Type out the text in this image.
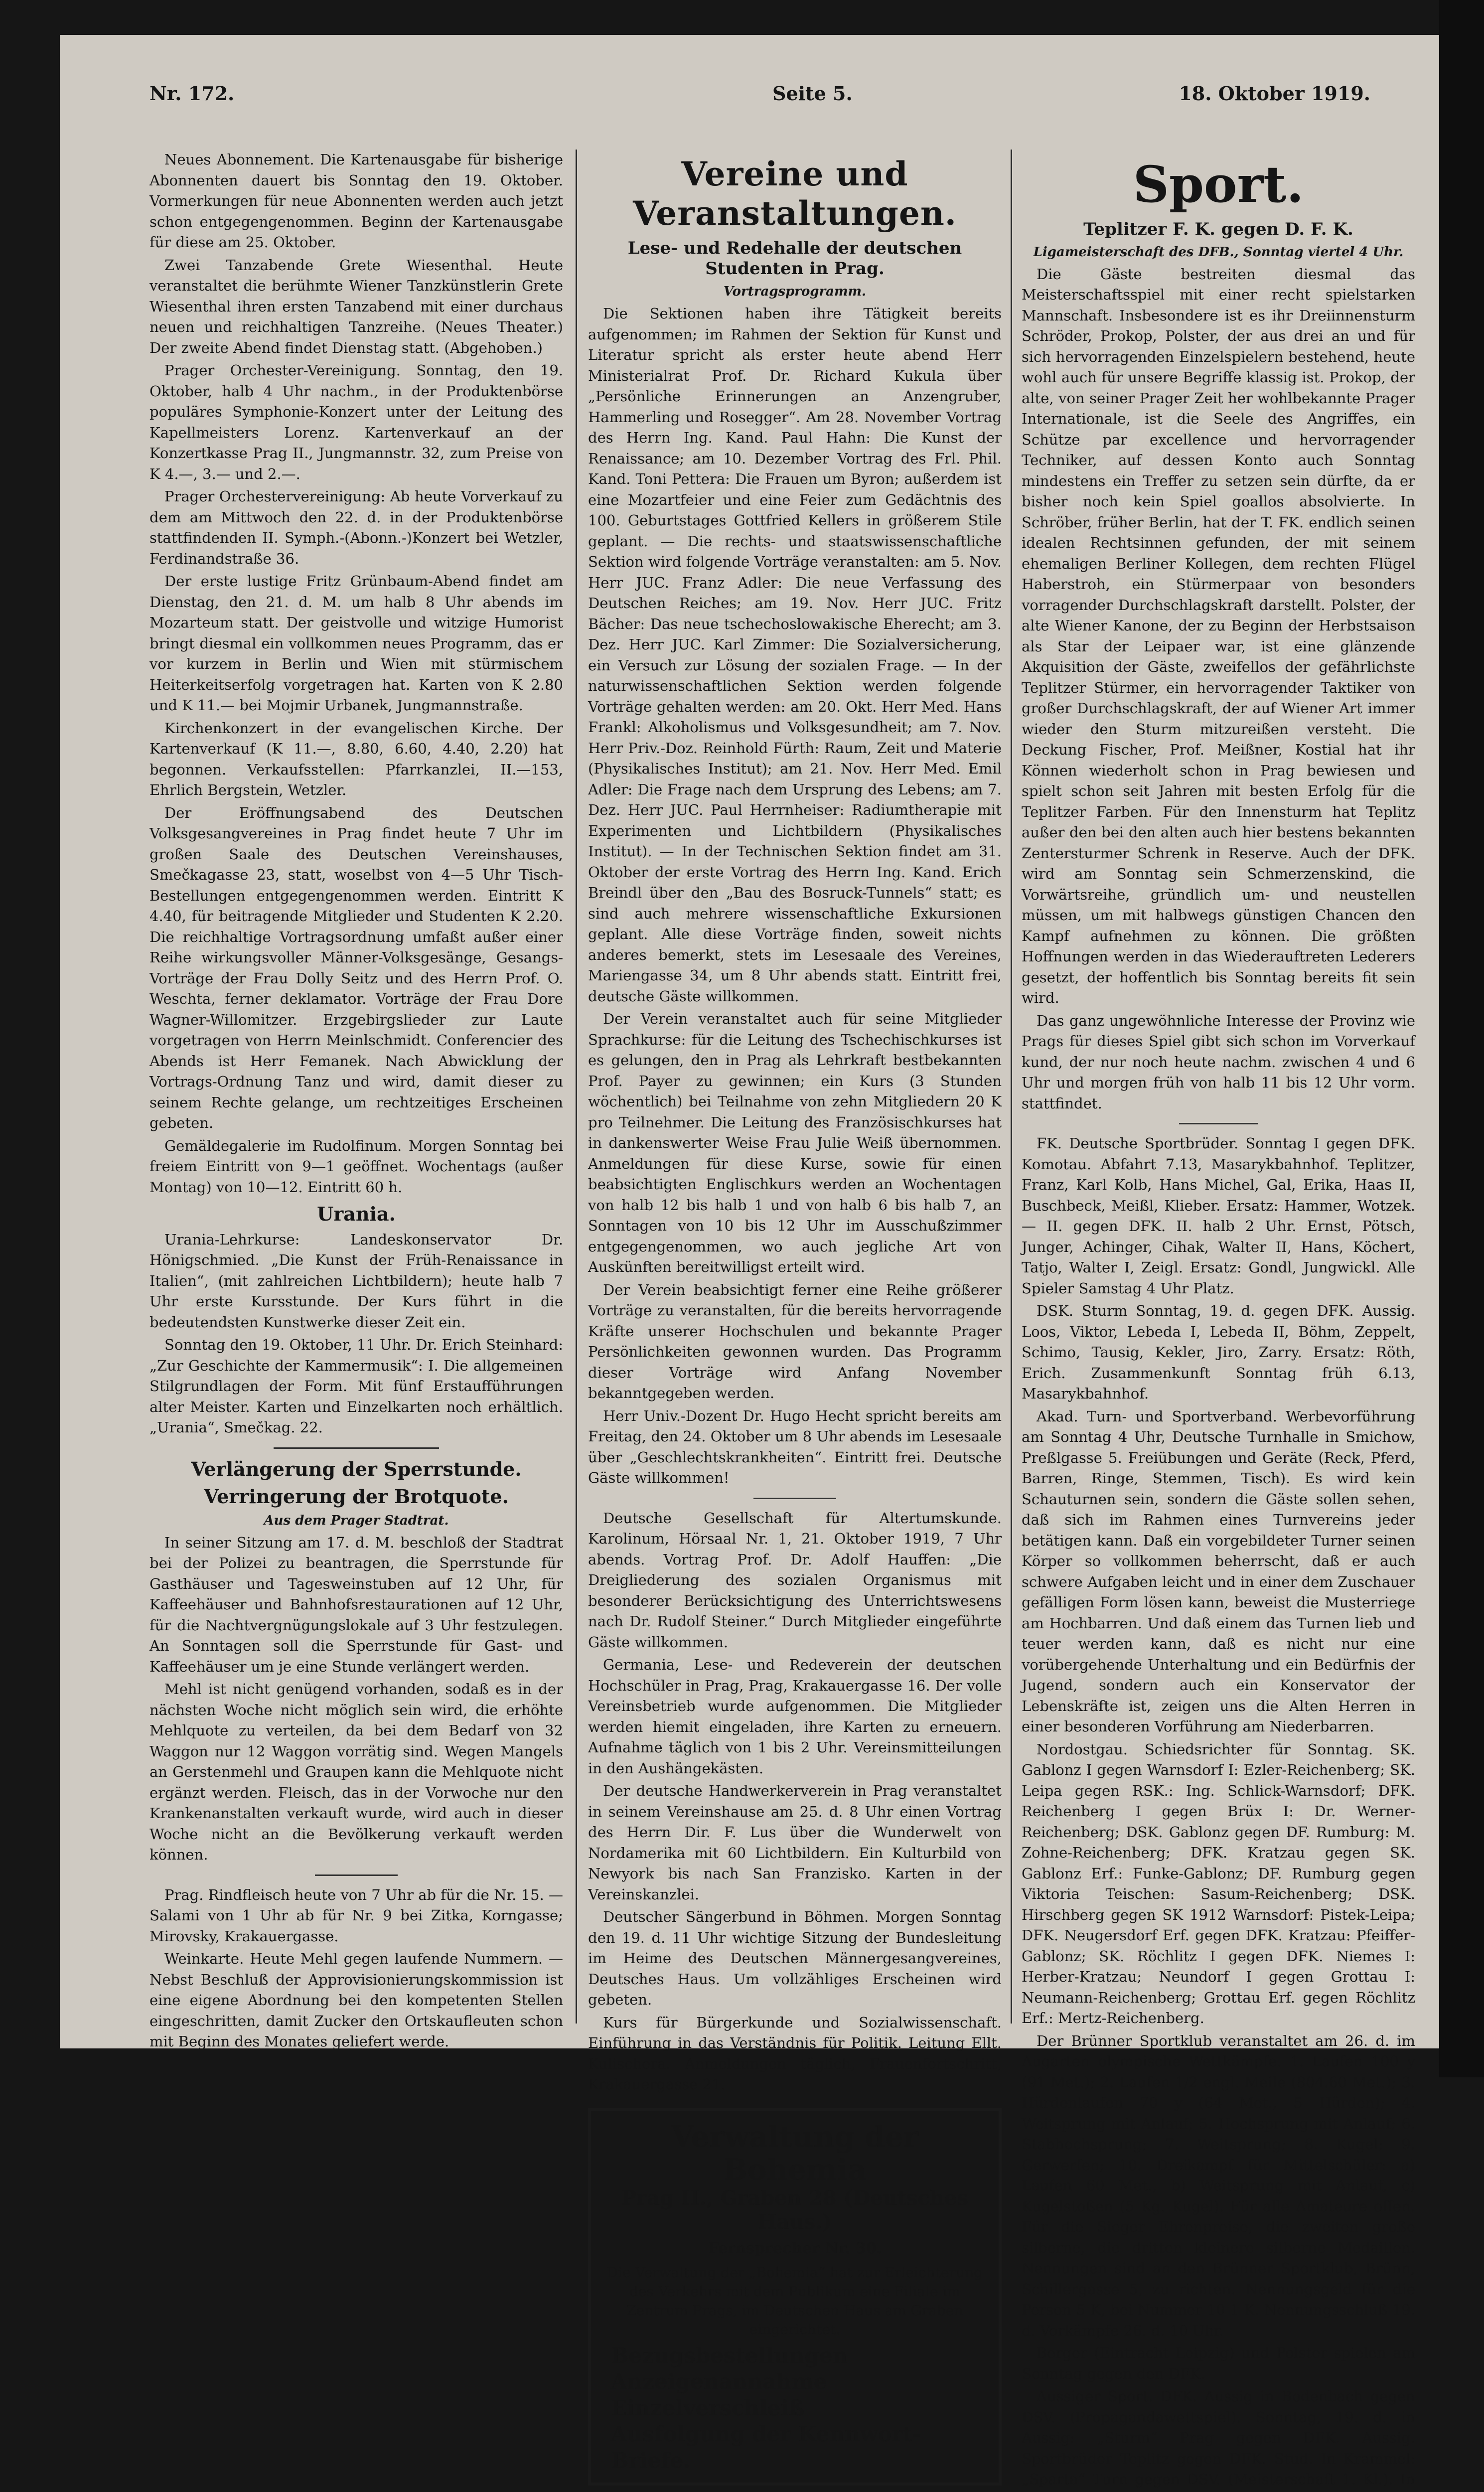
Nr. 172.	Seite 5.	18. Oktober 1919.

Neues Abonnement. Die Kartenausgabe für bisherige Abonnenten dauert bis Sonntag den 19. Oktober. Vormerkungen für neue Abonnenten werden auch jetzt schon entgegengenommen. Beginn der Kartenausgabe für diese am 25. Oktober.

Zwei Tanzabende Grete Wiesenthal. Heute veranstaltet die berühmte Wiener Tanzkünstlerin Grete Wiesenthal ihren ersten Tanzabend mit einer durchaus neuen und reichhaltigen Tanzreihe. (Neues Theater.) Der zweite Abend findet Dienstag statt. (Abgehoben.)

Prager Orchester-Vereinigung. Sonntag, den 19. Oktober, halb 4 Uhr nachm., in der Produktenbörse populäres Symphonie-Konzert unter der Leitung des Kapellmeisters Lorenz. Kartenverkauf an der Konzertkasse Prag II., Jungmannstr. 32, zum Preise von K 4.—, 3.— und 2.—.

Prager Orchestervereinigung: Ab heute Vorverkauf zu dem am Mittwoch den 22. d. in der Produktenbörse stattfindenden II. Symph.-(Abonn.-)Konzert bei Wetzler, Ferdinandstraße 36.

Der erste lustige Fritz Grünbaum-Abend findet am Dienstag, den 21. d. M. um halb 8 Uhr abends im Mozarteum statt. Der geistvolle und witzige Humorist bringt diesmal ein vollkommen neues Programm, das er vor kurzem in Berlin und Wien mit stürmischem Heiterkeitserfolg vorgetragen hat. Karten von K 2.80 und K 11.— bei Mojmir Urbanek, Jungmannstraße.

Kirchenkonzert in der evangelischen Kirche. Der Kartenverkauf (K 11.—, 8.80, 6.60, 4.40, 2.20) hat begonnen. Verkaufsstellen: Pfarrkanzlei, II.—153, Ehrlich Bergstein, Wetzler.

Der Eröffnungsabend des Deutschen Volksgesangvereines in Prag findet heute 7 Uhr im großen Saale des Deutschen Vereinshauses, Smečkagasse 23, statt, woselbst von 4—5 Uhr Tisch-Bestellungen entgegengenommen werden. Eintritt K 4.40, für beitragende Mitglieder und Studenten K 2.20. Die reichhaltige Vortragsordnung umfaßt außer einer Reihe wirkungsvoller Männer-Volksgesänge, Gesangs-Vorträge der Frau Dolly Seitz und des Herrn Prof. O. Weschta, ferner deklamator. Vorträge der Frau Dore Wagner-Willomitzer. Erzgebirgslieder zur Laute vorgetragen von Herrn Meinlschmidt. Conferencier des Abends ist Herr Femanek. Nach Abwicklung der Vortrags-Ordnung Tanz und wird, damit dieser zu seinem Rechte gelange, um rechtzeitiges Erscheinen gebeten.

Gemäldegalerie im Rudolfinum. Morgen Sonntag bei freiem Eintritt von 9—1 geöffnet. Wochentags (außer Montag) von 10—12. Eintritt 60 h.

Urania.

Urania-Lehrkurse: Landeskonservator Dr. Hönigschmied. „Die Kunst der Früh-Renaissance in Italien“, (mit zahlreichen Lichtbildern); heute halb 7 Uhr erste Kursstunde. Der Kurs führt in die bedeutendsten Kunstwerke dieser Zeit ein.

Sonntag den 19. Oktober, 11 Uhr. Dr. Erich Steinhard: „Zur Geschichte der Kammermusik“: I. Die allgemeinen Stilgrundlagen der Form. Mit fünf Erstaufführungen alter Meister. Karten und Einzelkarten noch erhältlich. „Urania“, Smečkag. 22.

Verlängerung der Sperrstunde.
Verringerung der Brotquote.
Aus dem Prager Stadtrat.

In seiner Sitzung am 17. d. M. beschloß der Stadtrat bei der Polizei zu beantragen, die Sperrstunde für Gasthäuser und Tagesweinstuben auf 12 Uhr, für Kaffeehäuser und Bahnhofsrestaurationen auf 12 Uhr, für die Nachtvergnügungslokale auf 3 Uhr festzulegen. An Sonntagen soll die Sperrstunde für Gast- und Kaffeehäuser um je eine Stunde verlängert werden.

Mehl ist nicht genügend vorhanden, sodaß es in der nächsten Woche nicht möglich sein wird, die erhöhte Mehlquote zu verteilen, da bei dem Bedarf von 32 Waggon nur 12 Waggon vorrätig sind. Wegen Mangels an Gerstenmehl und Graupen kann die Mehlquote nicht ergänzt werden. Fleisch, das in der Vorwoche nur den Krankenanstalten verkauft wurde, wird auch in dieser Woche nicht an die Bevölkerung verkauft werden können.

Prag. Rindfleisch heute von 7 Uhr ab für die Nr. 15. — Salami von 1 Uhr ab für Nr. 9 bei Zitka, Korngasse; Mirovsky, Krakauergasse.

Weinkarte. Heute Mehl gegen laufende Nummern. — Nebst Beschluß der Approvisionierungskommission ist eine eigene Abordnung bei den kompetenten Stellen eingeschritten, damit Zucker den Ortskaufleuten schon mit Beginn des Monates geliefert werde.

Vereine und Veranstaltungen.
Lese- und Redehalle der deutschen Studenten in Prag.
Vortragsprogramm.

Die Sektionen haben ihre Tätigkeit bereits aufgenommen; im Rahmen der Sektion für Kunst und Literatur spricht als erster heute abend Herr Ministerialrat Prof. Dr. Richard Kukula über „Persönliche Erinnerungen an Anzengruber, Hammerling und Rosegger“. Am 28. November Vortrag des Herrn Ing. Kand. Paul Hahn: Die Kunst der Renaissance; am 10. Dezember Vortrag des Frl. Phil. Kand. Toni Pettera: Die Frauen um Byron; außerdem ist eine Mozartfeier und eine Feier zum Gedächtnis des 100. Geburtstages Gottfried Kellers in größerem Stile geplant. — Die rechts- und staatswissenschaftliche Sektion wird folgende Vorträge veranstalten: am 5. Nov. Herr JUC. Franz Adler: Die neue Verfassung des Deutschen Reiches; am 19. Nov. Herr JUC. Fritz Bächer: Das neue tschechoslowakische Eherecht; am 3. Dez. Herr JUC. Karl Zimmer: Die Sozialversicherung, ein Versuch zur Lösung der sozialen Frage. — In der naturwissenschaftlichen Sektion werden folgende Vorträge gehalten werden: am 20. Okt. Herr Med. Hans Frankl: Alkoholismus und Volksgesundheit; am 7. Nov. Herr Priv.-Doz. Reinhold Fürth: Raum, Zeit und Materie (Physikalisches Institut); am 21. Nov. Herr Med. Emil Adler: Die Frage nach dem Ursprung des Lebens; am 7. Dez. Herr JUC. Paul Herrnheiser: Radiumtherapie mit Experimenten und Lichtbildern (Physikalisches Institut). — In der Technischen Sektion findet am 31. Oktober der erste Vortrag des Herrn Ing. Kand. Erich Breindl über den „Bau des Bosruck-Tunnels“ statt; es sind auch mehrere wissenschaftliche Exkursionen geplant. Alle diese Vorträge finden, soweit nichts anderes bemerkt, stets im Lesesaale des Vereines, Mariengasse 34, um 8 Uhr abends statt. Eintritt frei, deutsche Gäste willkommen.

Der Verein veranstaltet auch für seine Mitglieder Sprachkurse: für die Leitung des Tschechischkurses ist es gelungen, den in Prag als Lehrkraft bestbekannten Prof. Payer zu gewinnen; ein Kurs (3 Stunden wöchentlich) bei Teilnahme von zehn Mitgliedern 20 K pro Teilnehmer. Die Leitung des Französischkurses hat in dankenswerter Weise Frau Julie Weiß übernommen. Anmeldungen für diese Kurse, sowie für einen beabsichtigten Englischkurs werden an Wochentagen von halb 12 bis halb 1 und von halb 6 bis halb 7, an Sonntagen von 10 bis 12 Uhr im Ausschußzimmer entgegengenommen, wo auch jegliche Art von Auskünften bereitwilligst erteilt wird.

Der Verein beabsichtigt ferner eine Reihe größerer Vorträge zu veranstalten, für die bereits hervorragende Kräfte unserer Hochschulen und bekannte Prager Persönlichkeiten gewonnen wurden. Das Programm dieser Vorträge wird Anfang November bekanntgegeben werden.

Herr Univ.-Dozent Dr. Hugo Hecht spricht bereits am Freitag, den 24. Oktober um 8 Uhr abends im Lesesaale über „Geschlechtskrankheiten“. Eintritt frei. Deutsche Gäste willkommen!

Deutsche Gesellschaft für Altertumskunde. Karolinum, Hörsaal Nr. 1, 21. Oktober 1919, 7 Uhr abends. Vortrag Prof. Dr. Adolf Hauffen: „Die Dreigliederung des sozialen Organismus mit besonderer Berücksichtigung des Unterrichtswesens nach Dr. Rudolf Steiner.“ Durch Mitglieder eingeführte Gäste willkommen.

Germania, Lese- und Redeverein der deutschen Hochschüler in Prag, Prag, Krakauergasse 16. Der volle Vereinsbetrieb wurde aufgenommen. Die Mitglieder werden hiemit eingeladen, ihre Karten zu erneuern. Aufnahme täglich von 1 bis 2 Uhr. Vereinsmitteilungen in den Aushängekästen.

Der deutsche Handwerkerverein in Prag veranstaltet in seinem Vereinshause am 25. d. 8 Uhr einen Vortrag des Herrn Dir. F. Lus über die Wunderwelt von Nordamerika mit 60 Lichtbildern. Ein Kulturbild von Newyork bis nach San Franzisko. Karten in der Vereinskanzlei.

Deutscher Sängerbund in Böhmen. Morgen Sonntag den 19. d. 11 Uhr wichtige Sitzung der Bundesleitung im Heime des Deutschen Männergesangvereines, Deutsches Haus. Um vollzähliges Erscheinen wird gebeten.

Kurs für Bürgerkunde und Sozialwissenschaft. Einführung in das Verständnis für Politik. Leitung Ellt. Kulischera. Anmeldungen täglich, Frauenfortschritt, Krakauergasse 21.

Verwaltung der Bohemia
Prag II., Graben 28 (Deutsches Haus.)
Fernsprecher Nr. 30.
Die Verwaltung der „Bohemia“ hat zur Erleichterung des Verkehrs mit dem Publikum eine Filiale im Zentrum Prags, im Deutschen Haus am Graben eingerichtet.
Bezugsbestellungen
Anzeigenannahme
Einzelverschleiß
Ausfolgung der Kennwort-Briefe.
Sport.
Teplitzer F. K. gegen D. F. K.
Ligameisterschaft des DFB., Sonntag viertel 4 Uhr.

Die Gäste bestreiten diesmal das Meisterschaftsspiel mit einer recht spielstarken Mannschaft. Insbesondere ist es ihr Dreiinnensturm Schröder, Prokop, Polster, der aus drei an und für sich hervorragenden Einzelspielern bestehend, heute wohl auch für unsere Begriffe klassig ist. Prokop, der alte, von seiner Prager Zeit her wohlbekannte Prager Internationale, ist die Seele des Angriffes, ein Schütze par excellence und hervorragender Techniker, auf dessen Konto auch Sonntag mindestens ein Treffer zu setzen sein dürfte, da er bisher noch kein Spiel goallos absolvierte. In Schröber, früher Berlin, hat der T. FK. endlich seinen idealen Rechtsinnen gefunden, der mit seinem ehemaligen Berliner Kollegen, dem rechten Flügel Haberstroh, ein Stürmerpaar von besonders vorragender Durchschlagskraft darstellt. Polster, der alte Wiener Kanone, der zu Beginn der Herbstsaison als Star der Leipaer war, ist eine glänzende Akquisition der Gäste, zweifellos der gefährlichste Teplitzer Stürmer, ein hervorragender Taktiker von großer Durchschlagskraft, der auf Wiener Art immer wieder den Sturm mitzureißen versteht. Die Deckung Fischer, Prof. Meißner, Kostial hat ihr Können wiederholt schon in Prag bewiesen und spielt schon seit Jahren mit besten Erfolg für die Teplitzer Farben. Für den Innensturm hat Teplitz außer den bei den alten auch hier bestens bekannten Zentersturmer Schrenk in Reserve. Auch der DFK. wird am Sonntag sein Schmerzenskind, die Vorwärtsreihe, gründlich um- und neustellen müssen, um mit halbwegs günstigen Chancen den Kampf aufnehmen zu können. Die größten Hoffnungen werden in das Wiederauftreten Lederers gesetzt, der hoffentlich bis Sonntag bereits fit sein wird.

Das ganz ungewöhnliche Interesse der Provinz wie Prags für dieses Spiel gibt sich schon im Vorverkauf kund, der nur noch heute nachm. zwischen 4 und 6 Uhr und morgen früh von halb 11 bis 12 Uhr vorm. stattfindet.

FK. Deutsche Sportbrüder. Sonntag I gegen DFK. Komotau. Abfahrt 7.13, Masarykbahnhof. Teplitzer, Franz, Karl Kolb, Hans Michel, Gal, Erika, Haas II, Buschbeck, Meißl, Klieber. Ersatz: Hammer, Wotzek. — II. gegen DFK. II. halb 2 Uhr. Ernst, Pötsch, Junger, Achinger, Cihak, Walter II, Hans, Köchert, Tatjo, Walter I, Zeigl. Ersatz: Gondl, Jungwickl. Alle Spieler Samstag 4 Uhr Platz.

DSK. Sturm Sonntag, 19. d. gegen DFK. Aussig. Loos, Viktor, Lebeda I, Lebeda II, Böhm, Zeppelt, Schimo, Tausig, Kekler, Jiro, Zarry. Ersatz: Röth, Erich. Zusammenkunft Sonntag früh 6.13, Masarykbahnhof.

Akad. Turn- und Sportverband. Werbevorführung am Sonntag 4 Uhr, Deutsche Turnhalle in Smichow, Preßlgasse 5. Freiübungen und Geräte (Reck, Pferd, Barren, Ringe, Stemmen, Tisch). Es wird kein Schauturnen sein, sondern die Gäste sollen sehen, daß sich im Rahmen eines Turnvereins jeder betätigen kann. Daß ein vorgebildeter Turner seinen Körper so vollkommen beherrscht, daß er auch schwere Aufgaben leicht und in einer dem Zuschauer gefälligen Form lösen kann, beweist die Musterriege am Hochbarren. Und daß einem das Turnen lieb und teuer werden kann, daß es nicht nur eine vorübergehende Unterhaltung und ein Bedürfnis der Jugend, sondern auch ein Konservator der Lebenskräfte ist, zeigen uns die Alten Herren in einer besonderen Vorführung am Niederbarren.

Nordostgau. Schiedsrichter für Sonntag. SK. Gablonz I gegen Warnsdorf I: Ezler-Reichenberg; SK. Leipa gegen RSK.: Ing. Schlick-Warnsdorf; DFK. Reichenberg I gegen Brüx I: Dr. Werner-Reichenberg; DSK. Gablonz gegen DF. Rumburg: M. Zohne-Reichenberg; DFK. Kratzau gegen SK. Gablonz Erf.: Funke-Gablonz; DF. Rumburg gegen Viktoria Teischen: Sasum-Reichenberg; DSK. Hirschberg gegen SK 1912 Warnsdorf: Pistek-Leipa; DFK. Neugersdorf Erf. gegen DFK. Kratzau: Pfeiffer-Gablonz; SK. Röchlitz I gegen DFK. Niemes I: Herber-Kratzau; Neundorf I gegen Grottau I: Neumann-Reichenberg; Grottau Erf. gegen Röchlitz Erf.: Mertz-Reichenberg.

Der Brünner Sportklub veranstaltet am 26. d. im Augarten olympische Wettkämpfe. 1. Laufen 100 y (91 Met.); 2. Laufen 1/2 engl. Meile (804.60 Met.); 3. Hürdenlaufen 70 y (64 Met., 5 Hürden); 4. Weitsprung mit Anlauf; 5. Hochsprung mit Anlauf; 6. Stabhochsprung; 7. Weitsprung; 8. Kugel; 9. Gerwerfen; 10. Dreikampf für Mittelschüler: a) Laufen 60 Met., b) Weitsprung mit Anlauf, c) Kugelstoßen (5 Kg. Kugel). Für alle Amateure offen. Für die Sieger Ehrenpreise, die zweiten große silberne, die dritten kleinere silberne Medaillen. Nennungen sind an den Brünner Sportklub, Brünn, Schillergasse 5, zu richten. Nennungsgeld für die Person 5 K, bei Nummer 10 1 K. Nennungsschluß 19. d. Vorkämpfe 26. d. 10 Uhr.

Berger (Eintracht Leipzig) und Polster spielen am Sonntag gegen den DFK.

Aussiger Sport. DFK. Aussig in Bodenbach gegen DSV. (Propagandawettspiel). Sonntag, 19. d. in Aussig: „Sturm“ Prag gegen DFK. Aussig. Sportbrüder Teplitz gegen DFK. Stud. In Krammel: „Sparta“ Turn gegen DSV. (Meisterschaft 1. Kl.). In
